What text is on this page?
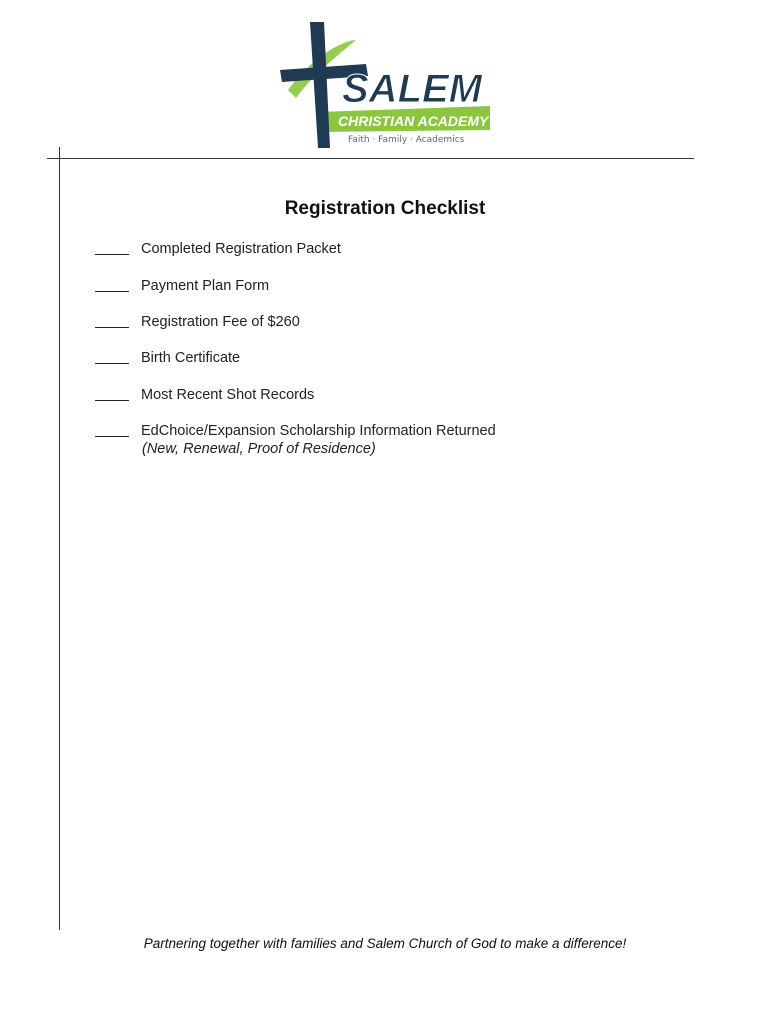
SALEM
CHRISTIAN ACADEMY
Faith · Family · Academics
Registration Checklist
Completed Registration Packet
Payment Plan Form
Registration Fee of $260
Birth Certificate
Most Recent Shot Records
EdChoice/Expansion Scholarship Information Returned
(New, Renewal, Proof of Residence)
Partnering together with families and Salem Church of God to make a difference!
